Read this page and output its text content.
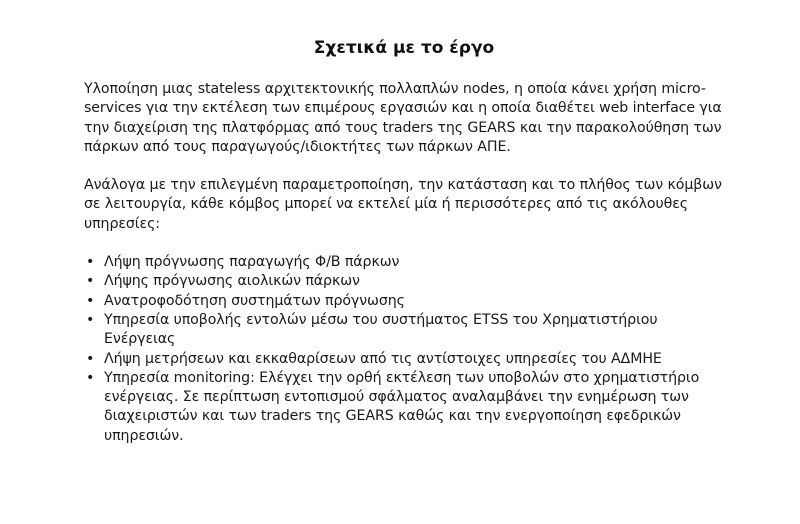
Σχετικά με το έργο

Υλοποίηση μιας stateless αρχιτεκτονικής πολλαπλών nodes, η οποία κάνει χρήση micro-services για την εκτέλεση των επιμέρους εργασιών και η οποία διαθέτει web interface για την διαχείριση της πλατφόρμας από τους traders της GEARS και την παρακολούθηση των πάρκων από τους παραγωγούς/ιδιοκτήτες των πάρκων ΑΠΕ.

Ανάλογα με την επιλεγμένη παραμετροποίηση, την κατάσταση και το πλήθος των κόμβων σε λειτουργία, κάθε κόμβος μπορεί να εκτελεί μία ή περισσότερες από τις ακόλουθες υπηρεσίες:

• Λήψη πρόγνωσης παραγωγής Φ/Β πάρκων
• Λήψης πρόγνωσης αιολικών πάρκων
• Ανατροφοδότηση συστημάτων πρόγνωσης
• Υπηρεσία υποβολής εντολών μέσω του συστήματος ETSS του Χρηματιστήριου Ενέργειας
• Λήψη μετρήσεων και εκκαθαρίσεων από τις αντίστοιχες υπηρεσίες του ΑΔΜΗΕ
• Υπηρεσία monitoring: Ελέγχει την ορθή εκτέλεση των υποβολών στο χρηματιστήριο ενέργειας. Σε περίπτωση εντοπισμού σφάλματος αναλαμβάνει την ενημέρωση των διαχειριστών και των traders της GEARS καθώς και την ενεργοποίηση εφεδρικών υπηρεσιών.
